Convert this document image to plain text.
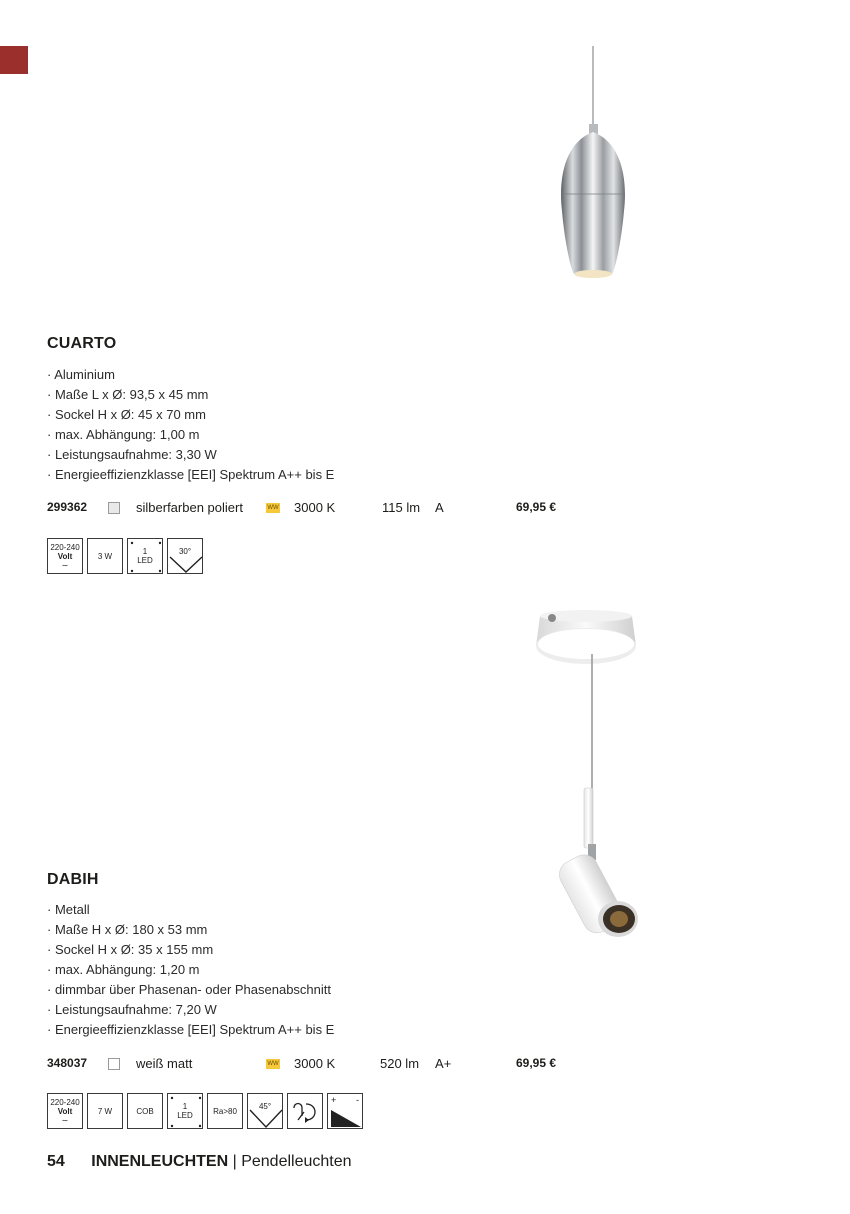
CUARTO
· Aluminium
· Maße L x Ø: 93,5 x 45 mm
· Sockel H x Ø: 45 x 70 mm
· max. Abhängung: 1,00 m
· Leistungsaufnahme: 3,30 W
· Energieeffizienzklasse [EEI] Spektrum A++ bis E
299362	silberfarben poliert	WW 3000 K	115 lm A	69,95 €
220-240
Volt
∼
3 W	1
LED
30°
DABIH
· Metall
· Maße H x Ø: 180 x 53 mm
· Sockel H x Ø: 35 x 155 mm
· max. Abhängung: 1,20 m
· dimmbar über Phasenan- oder Phasenabschnitt
· Leistungsaufnahme: 7,20 W
· Energieeffizienzklasse [EEI] Spektrum A++ bis E
348037	weiß matt	WW 3000 K	520 lm A+	69,95 €
220-240
Volt
∼
7 W	COB	1
LED	Ra>80	45°
+ -
54 INNENLEUCHTEN | Pendelleuchten
